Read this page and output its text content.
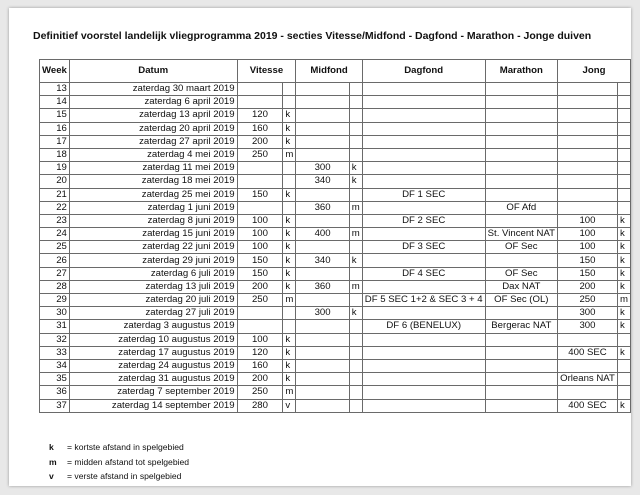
Definitief voorstel landelijk vliegprogramma 2019 - secties Vitesse/Midfond - Dagfond - Marathon - Jonge duiven
Week	Datum	Vitesse		Midfond		Dagfond	Marathon	Jong	
13	zaterdag 30 maart 2019								
14	zaterdag 6 april 2019								
15	zaterdag 13 april 2019	120	k						
16	zaterdag 20 april 2019	160	k						
17	zaterdag 27 april 2019	200	k						
18	zaterdag 4 mei 2019	250	m						
19	zaterdag 11 mei 2019			300	k				
20	zaterdag 18 mei 2019			340	k				
21	zaterdag 25 mei 2019	150	k			DF 1 SEC			
22	zaterdag 1 juni 2019			360	m		OF Afd		
23	zaterdag 8 juni 2019	100	k			DF 2 SEC		100	k
24	zaterdag 15 juni 2019	100	k	400	m		St. Vincent NAT	100	k
25	zaterdag 22 juni 2019	100	k			DF 3 SEC	OF Sec	100	k
26	zaterdag 29 juni 2019	150	k	340	k			150	k
27	zaterdag 6 juli 2019	150	k			DF 4 SEC	OF Sec	150	k
28	zaterdag 13 juli 2019	200	k	360	m		Dax NAT	200	k
29	zaterdag 20 juli 2019	250	m			DF 5 SEC 1+2 & SEC 3 + 4	OF Sec (OL)	250	m
30	zaterdag 27 juli 2019			300	k			300	k
31	zaterdag 3 augustus 2019					DF 6 (BENELUX)	Bergerac NAT	300	k
32	zaterdag 10 augustus 2019	100	k						
33	zaterdag 17 augustus 2019	120	k					400 SEC	k
34	zaterdag 24 augustus 2019	160	k						
35	zaterdag 31 augustus 2019	200	k					Orleans NAT	
36	zaterdag 7 september 2019	250	m						
37	zaterdag 14 september 2019	280	v					400 SEC	k
k	= kortste afstand in spelgebied
m	= midden afstand tot spelgebied
v	= verste afstand in spelgebied
